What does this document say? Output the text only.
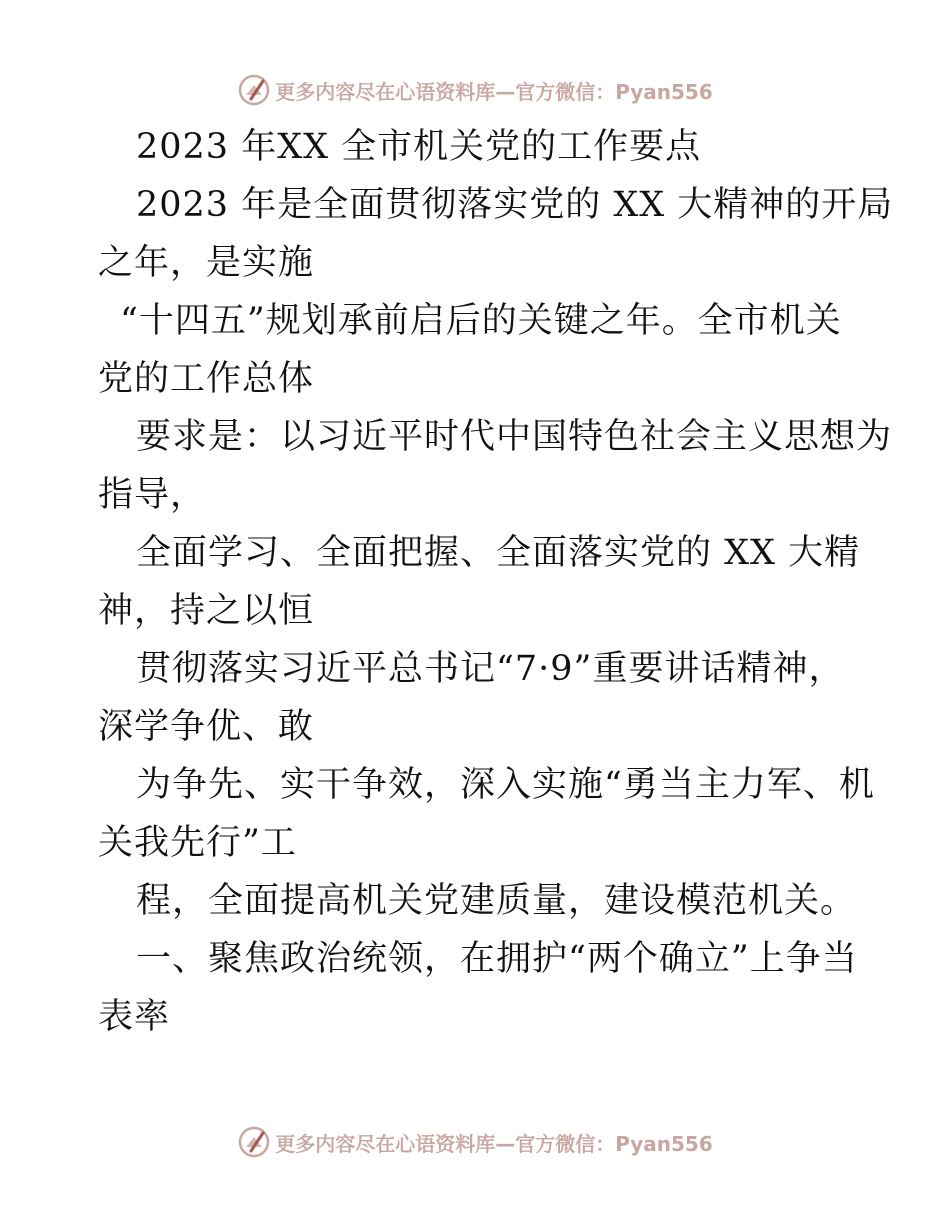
更多内容尽在心语资料库—官方微信：Pyan556
2023 年XX 全市机关党的工作要点
2023 年是全面贯彻落实党的 XX 大精神的开局
之年，是实施
“十四五”规划承前启后的关键之年。全市机关
党的工作总体
要求是：以习近平时代中国特色社会主义思想为
指导，
全面学习、全面把握、全面落实党的 XX 大精
神，持之以恒
贯彻落实习近平总书记“7·9”重要讲话精神，
深学争优、敢
为争先、实干争效，深入实施“勇当主力军、机
关我先行”工
程，全面提高机关党建质量，建设模范机关。
一、聚焦政治统领，在拥护“两个确立”上争当
表率
更多内容尽在心语资料库—官方微信：Pyan556
